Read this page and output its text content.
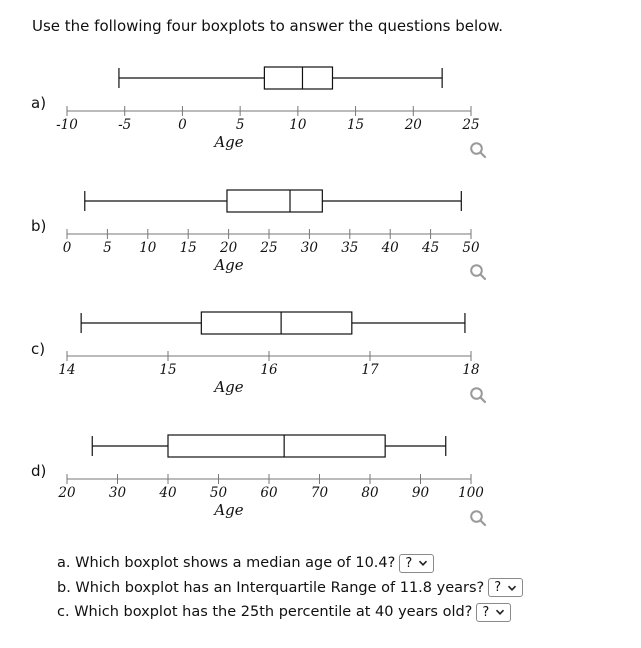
Use the following four boxplots to answer the questions below.
a)
-10	-5	0	5	10	15	20	25
Age
b)
0 5 10 15 20 25 30 35 40 45 50
Age
c)
14	15	16	17	18
Age
d)
20 30 40 50 60 70 80 90 100
Age
a. Which boxplot shows a median age of 10.4? ?
b. Which boxplot has an Interquartile Range of 11.8 years? ?
c. Which boxplot has the 25th percentile at 40 years old? ?
